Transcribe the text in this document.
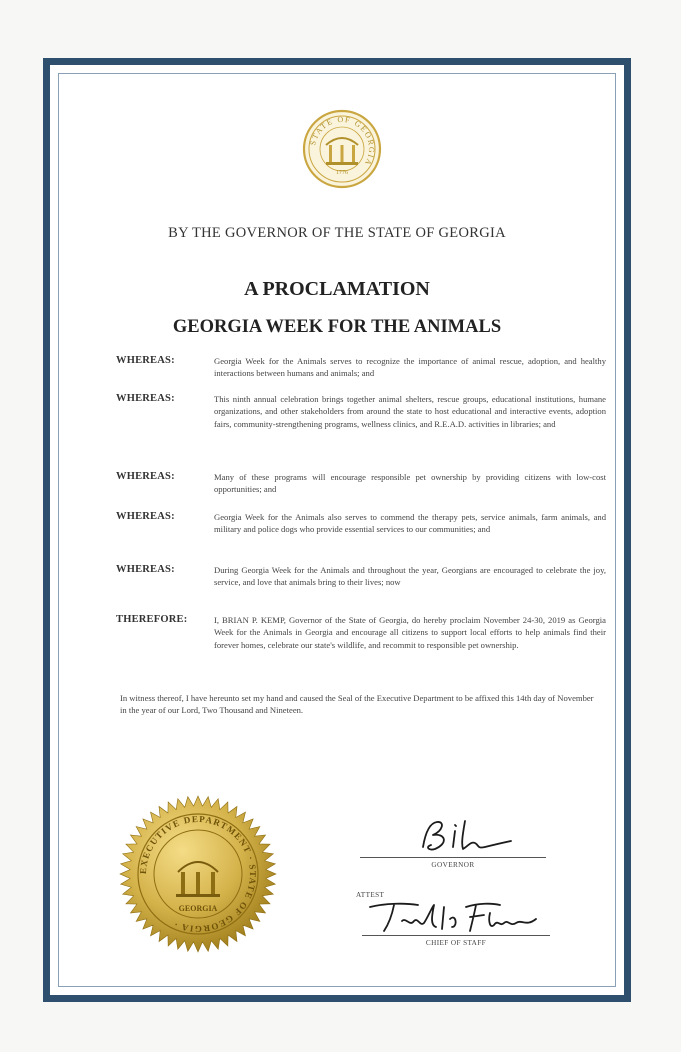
STATE OF GEORGIA
1776
BY THE GOVERNOR OF THE STATE OF GEORGIA
A PROCLAMATION
GEORGIA WEEK FOR THE ANIMALS
WHEREAS:	Georgia Week for the Animals serves to recognize the importance of animal rescue, adoption, and healthy interactions between humans and animals; and
WHEREAS:	This ninth annual celebration brings together animal shelters, rescue groups, educational institutions, humane organizations, and other stakeholders from around the state to host educational and interactive events, adoption fairs, community-strengthening programs, wellness clinics, and R.E.A.D. activities in libraries; and
WHEREAS:	Many of these programs will encourage responsible pet ownership by providing citizens with low-cost opportunities; and
WHEREAS:	Georgia Week for the Animals also serves to commend the therapy pets, service animals, farm animals, and military and police dogs who provide essential services to our communities; and
WHEREAS:	During Georgia Week for the Animals and throughout the year, Georgians are encouraged to celebrate the joy, service, and love that animals bring to their lives; now
THEREFORE:	I, BRIAN P. KEMP, Governor of the State of Georgia, do hereby proclaim November 24-30, 2019 as Georgia Week for the Animals in Georgia and encourage all citizens to support local efforts to help animals find their forever homes, celebrate our state's wildlife, and recommit to responsible pet ownership.
In witness thereof, I have hereunto set my hand and caused the Seal of the Executive Department to be affixed this 14th day of November in the year of our Lord, Two Thousand and Nineteen.
EXECUTIVE DEPARTMENT · STATE OF GEORGIA ·
GEORGIA
GOVERNOR
ATTEST
CHIEF OF STAFF
